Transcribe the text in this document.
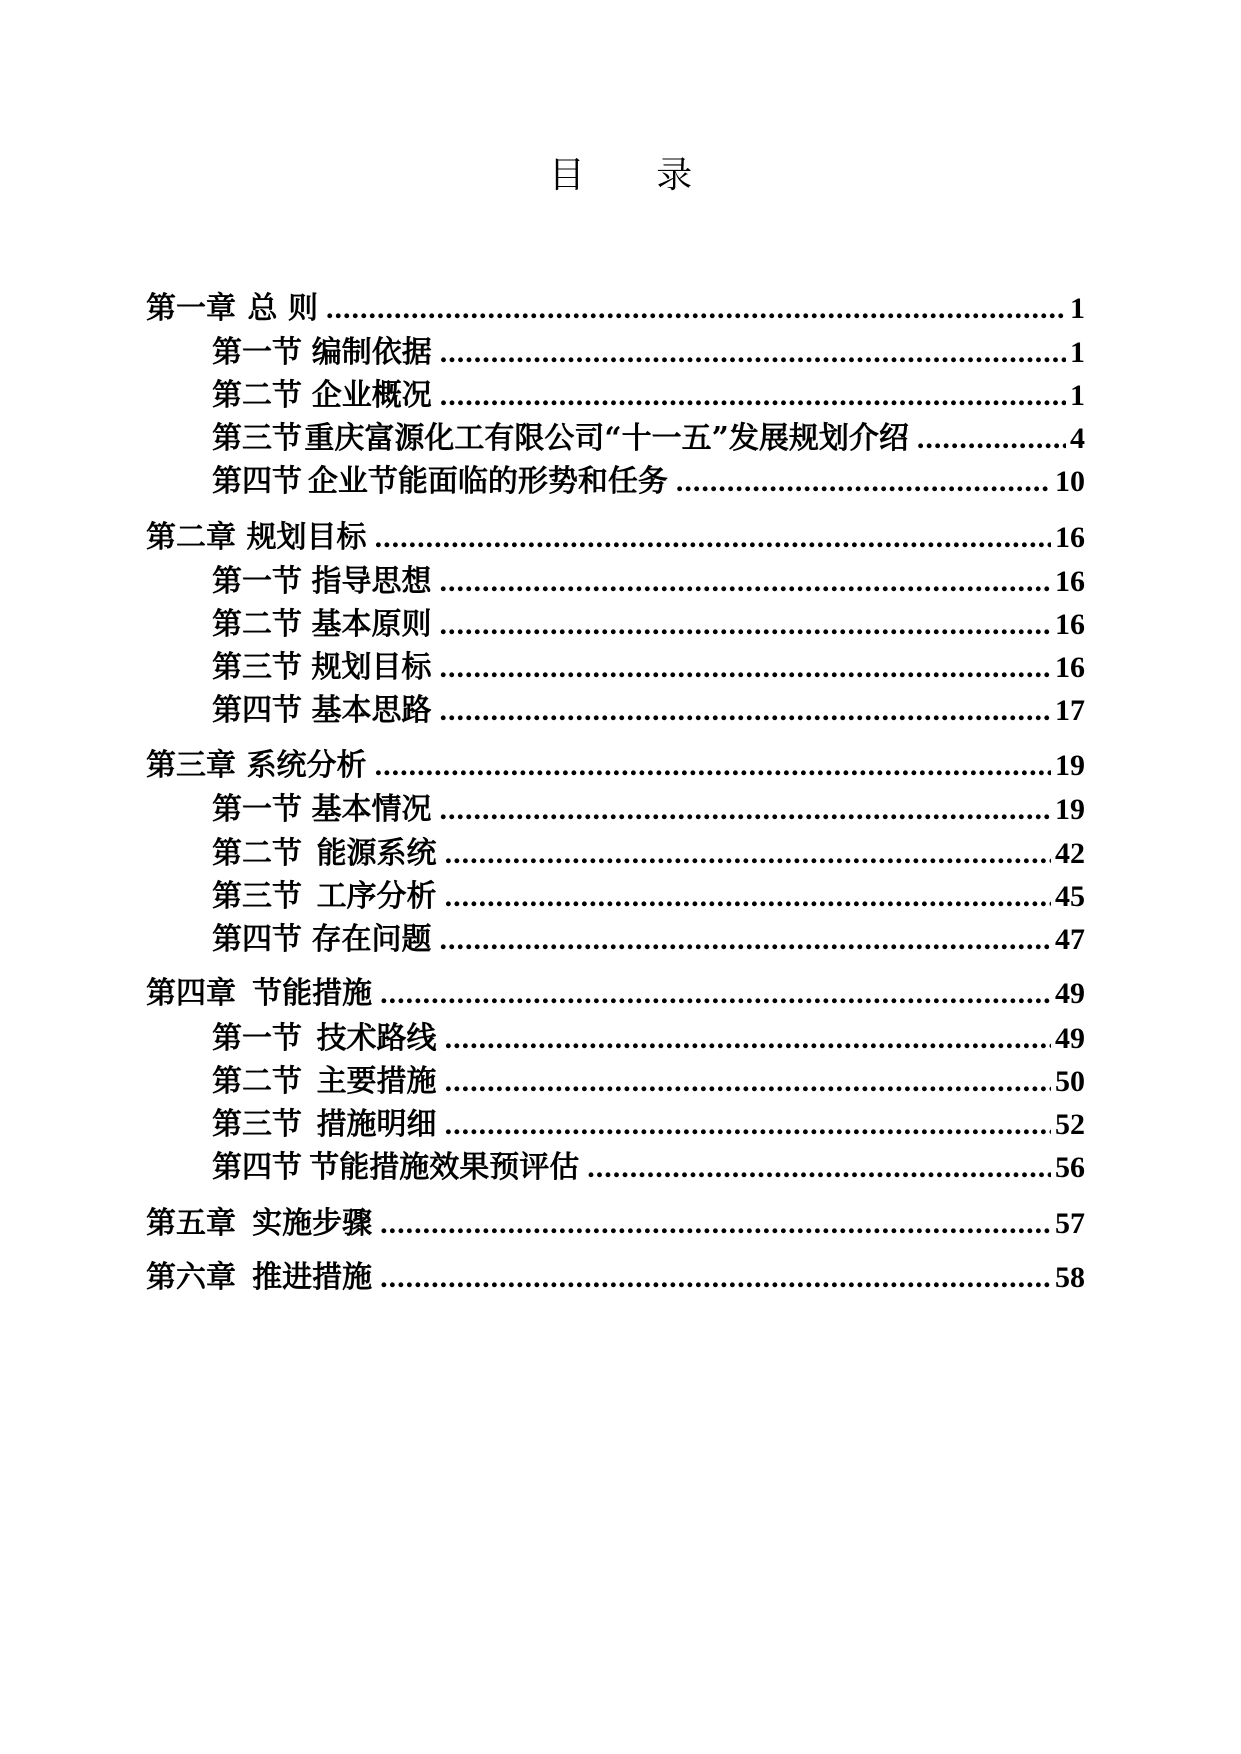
目 录
第一章 总 则 .....	1
第一节 编制依据 .....	1
第二节 企业概况 .....	1
第三节 重庆富源化工有限公司“十一五”发展规划介绍 .....	4
第四节 企业节能面临的形势和任务 .....	10
第二章 规划目标 .....	16
第一节 指导思想 .....	16
第二节 基本原则 .....	16
第三节 规划目标 .....	16
第四节 基本思路 .....	17
第三章 系统分析 .....	19
第一节 基本情况 .....	19
第二节 能源系统 .....	42
第三节 工序分析 .....	45
第四节 存在问题 .....	47
第四章 节能措施 .....	49
第一节 技术路线 .....	49
第二节 主要措施 .....	50
第三节 措施明细 .....	52
第四节 节能措施效果预评估 .....	56
第五章 实施步骤 .....	57
第六章 推进措施 .....	58
